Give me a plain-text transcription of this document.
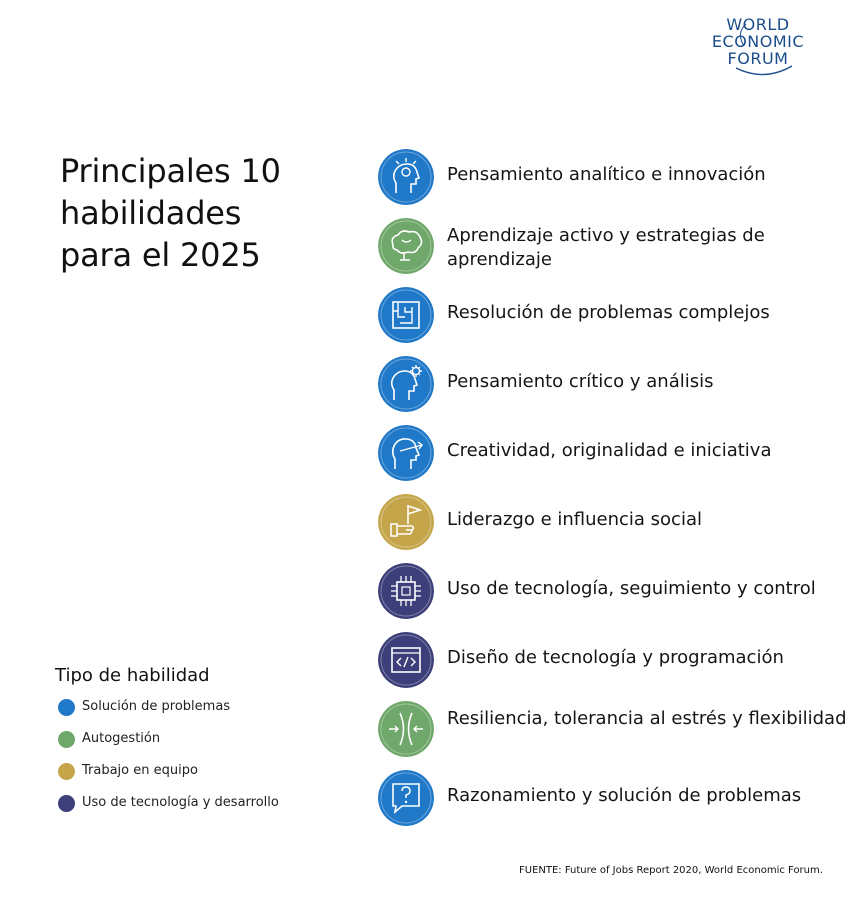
WORLD
ECONOMIC
FORUM
Principales 10
habilidades
para el 2025
Pensamiento analítico e innovación
Aprendizaje activo y estrategias de aprendizaje
Resolución de problemas complejos
Pensamiento crítico y análisis
Creatividad, originalidad e iniciativa
Liderazgo e influencia social
Uso de tecnología, seguimiento y control
Diseño de tecnología y programación
Resiliencia, tolerancia al estrés y flexibilidad
Razonamiento y solución de problemas
Tipo de habilidad
Solución de problemas
Autogestión
Trabajo en equipo
Uso de tecnología y desarrollo
FUENTE: Future of Jobs Report 2020, World Economic Forum.
